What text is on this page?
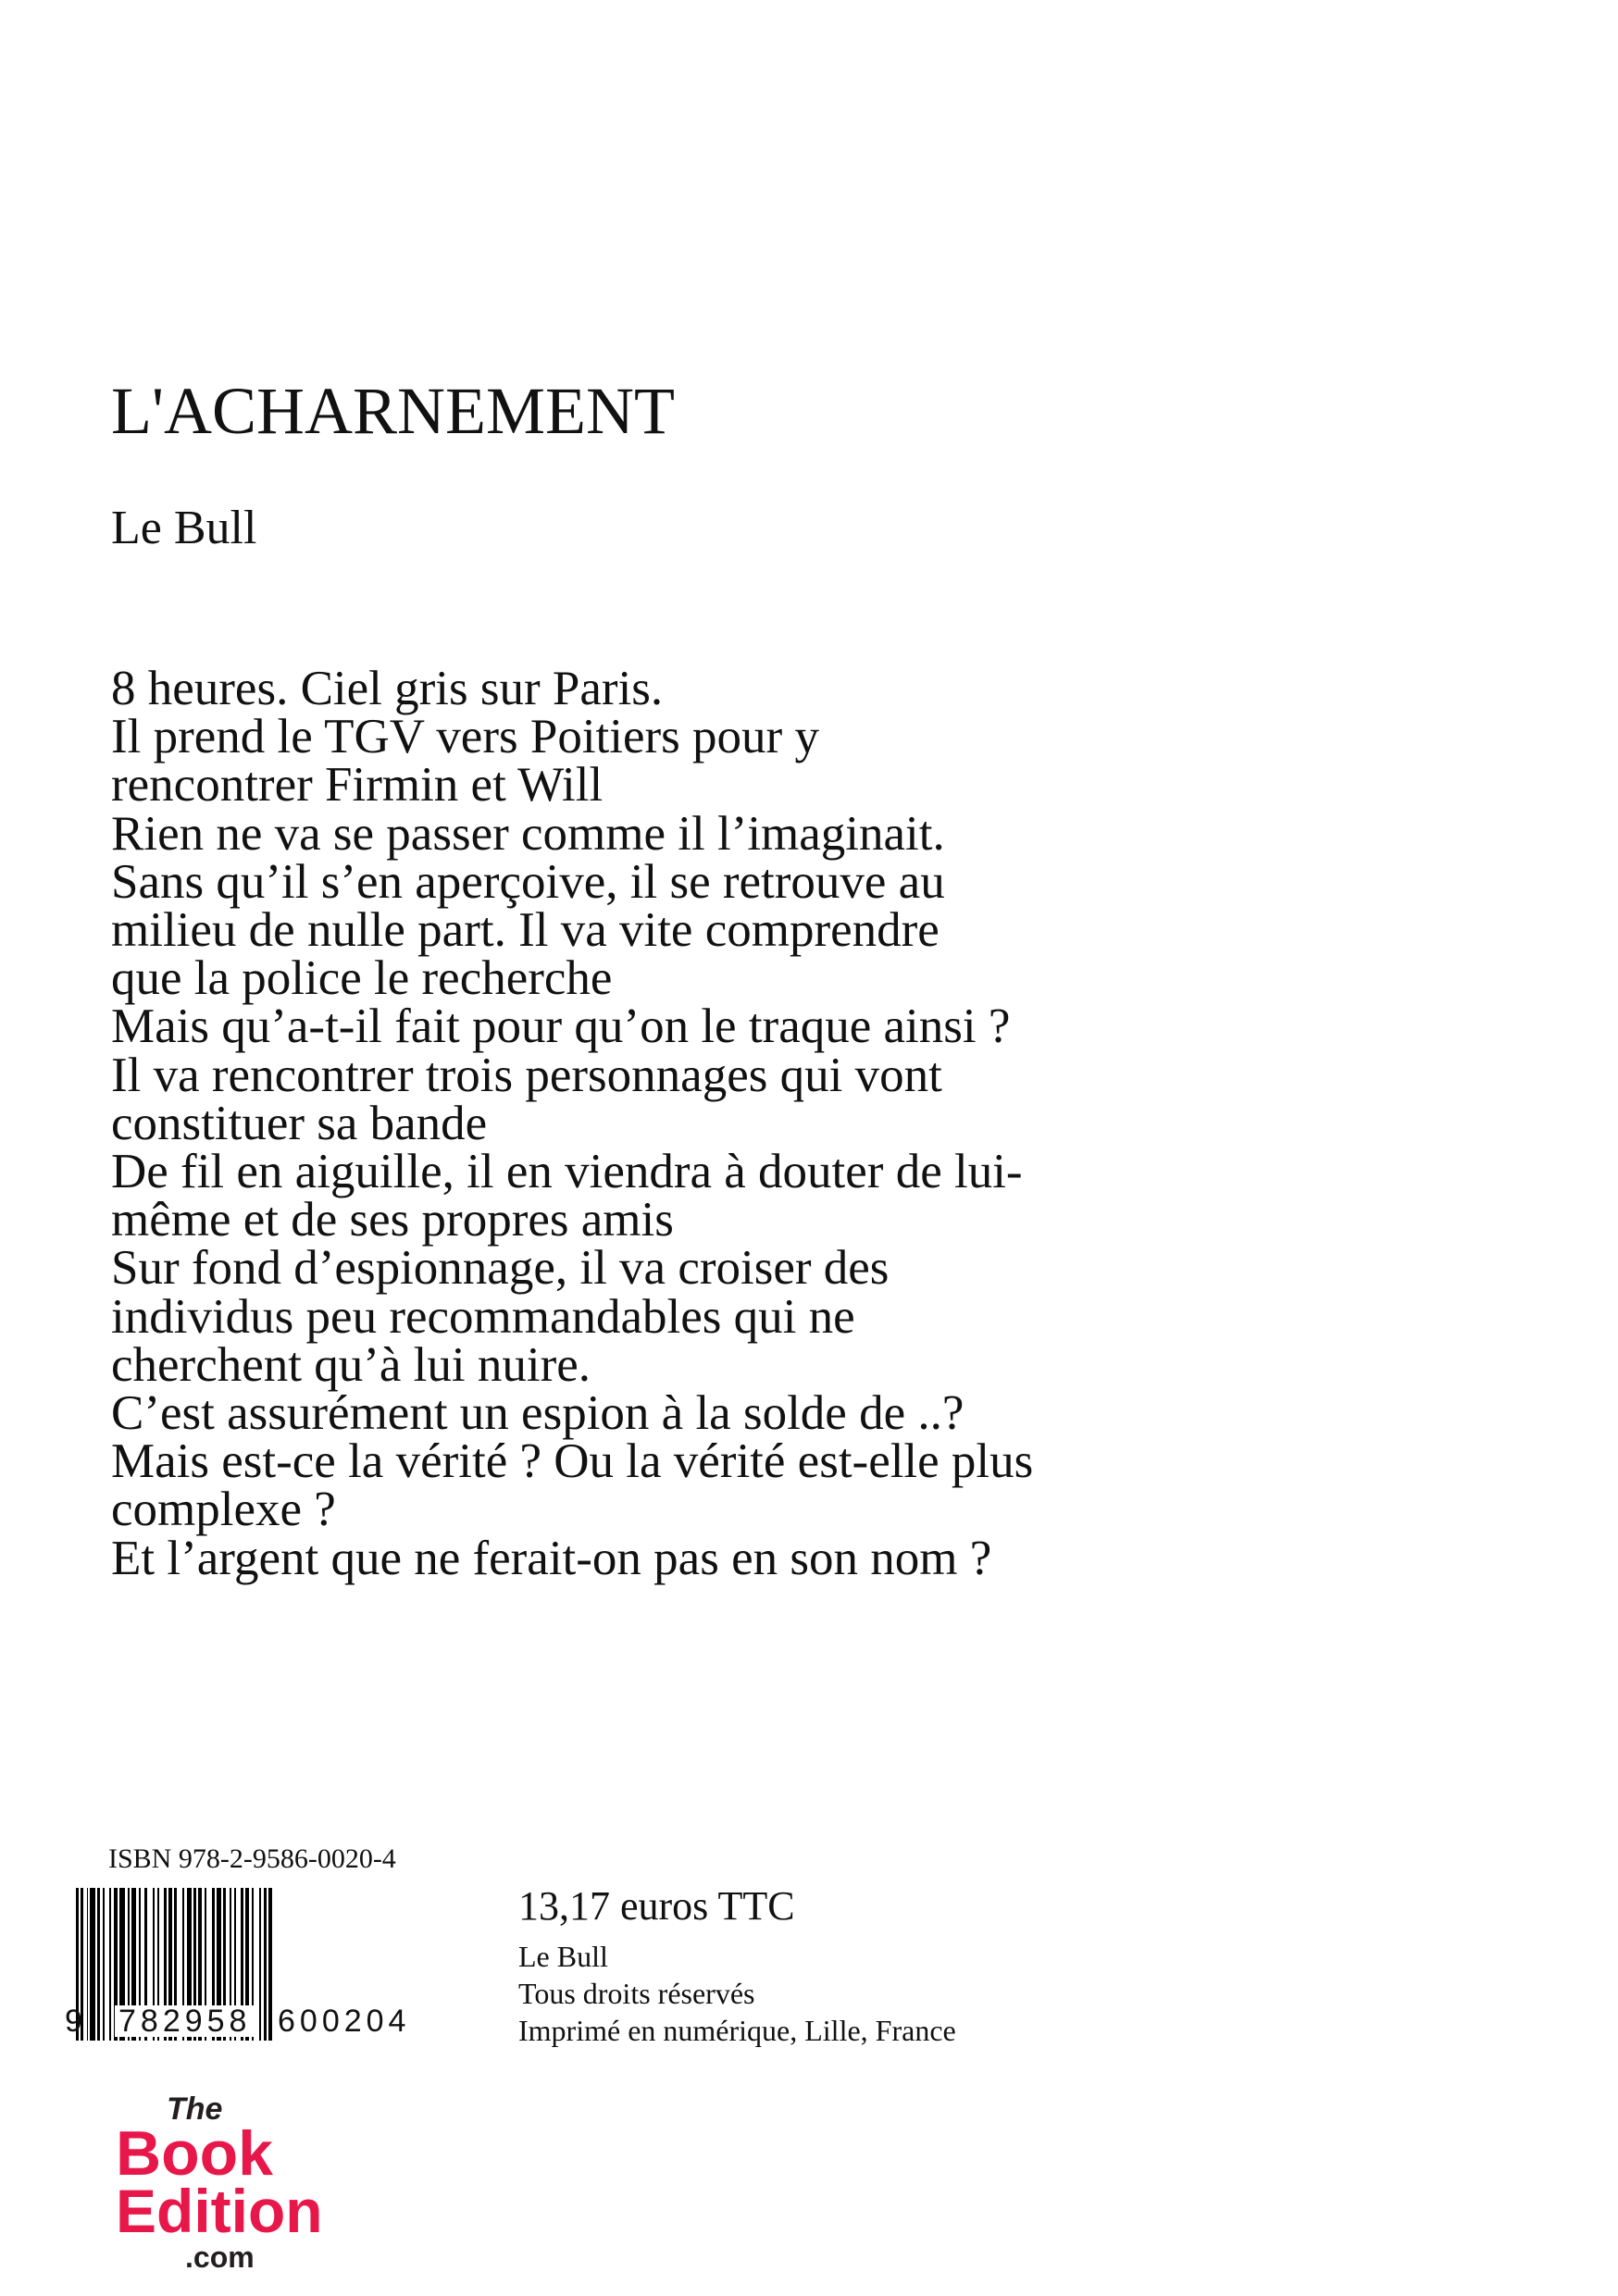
L'ACHARNEMENT
Le Bull
8 heures. Ciel gris sur Paris.
Il prend le TGV vers Poitiers pour y
rencontrer Firmin et Will
Rien ne va se passer comme il l’imaginait.
Sans qu’il s’en aperçoive, il se retrouve au
milieu de nulle part. Il va vite comprendre
que la police le recherche
Mais qu’a-t-il fait pour qu’on le traque ainsi ?
Il va rencontrer trois personnages qui vont
constituer sa bande
De fil en aiguille, il en viendra à douter de lui-
même et de ses propres amis
Sur fond d’espionnage, il va croiser des
individus peu recommandables qui ne
cherchent qu’à lui nuire.
C’est assurément un espion à la solde de ..?
Mais est-ce la vérité ? Ou la vérité est-elle plus
complexe ?
Et l’argent que ne ferait-on pas en son nom ?
ISBN 978-2-9586-0020-4
9 782958 600204
13,17 euros TTC
Le Bull
Tous droits réservés
Imprimé en numérique, Lille, France
The
Book
Edition
.com
